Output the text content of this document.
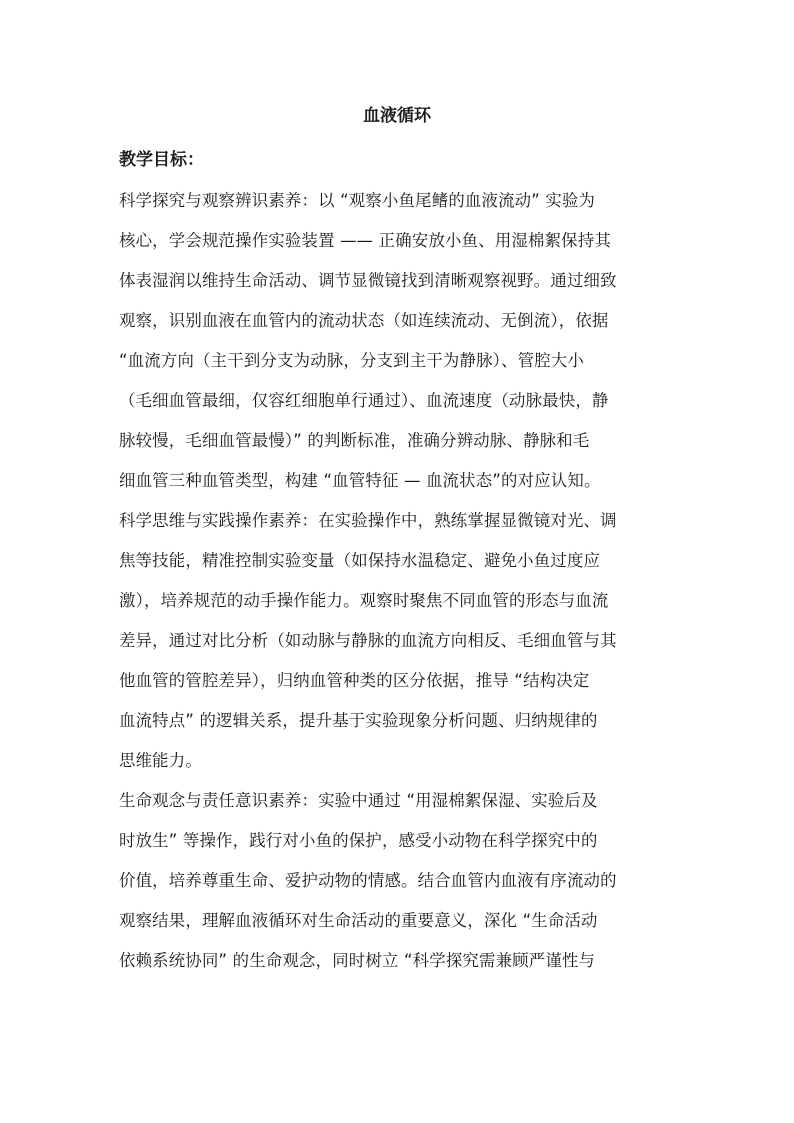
血液循环
教学目标：
科学探究与观察辨识素养：以 “观察小鱼尾鳍的血液流动” 实验为
核心，学会规范操作实验装置 —— 正确安放小鱼、用湿棉絮保持其
体表湿润以维持生命活动、调节显微镜找到清晰观察视野。通过细致
观察，识别血液在血管内的流动状态（如连续流动、无倒流），依据
“血流方向（主干到分支为动脉，分支到主干为静脉）、管腔大小
（毛细血管最细，仅容红细胞单行通过）、血流速度（动脉最快，静
脉较慢，毛细血管最慢）” 的判断标准，准确分辨动脉、静脉和毛
细血管三种血管类型，构建 “血管特征 — 血流状态”的对应认知。
科学思维与实践操作素养：在实验操作中，熟练掌握显微镜对光、调
焦等技能，精准控制实验变量（如保持水温稳定、避免小鱼过度应
激），培养规范的动手操作能力。观察时聚焦不同血管的形态与血流
差异，通过对比分析（如动脉与静脉的血流方向相反、毛细血管与其
他血管的管腔差异），归纳血管种类的区分依据，推导 “结构决定
血流特点” 的逻辑关系，提升基于实验现象分析问题、归纳规律的
思维能力。
生命观念与责任意识素养：实验中通过 “用湿棉絮保湿、实验后及
时放生” 等操作，践行对小鱼的保护，感受小动物在科学探究中的
价值，培养尊重生命、爱护动物的情感。结合血管内血液有序流动的
观察结果，理解血液循环对生命活动的重要意义，深化 “生命活动
依赖系统协同” 的生命观念，同时树立 “科学探究需兼顾严谨性与
